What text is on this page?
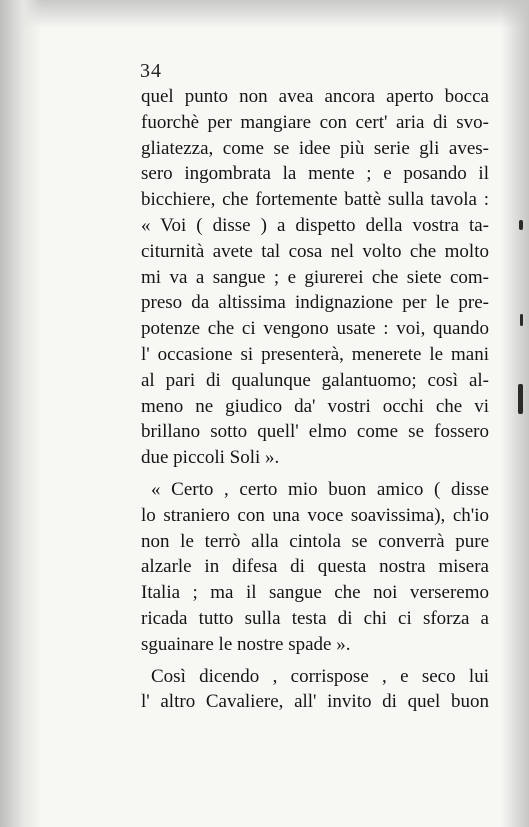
34
quel punto non avea ancora aperto bocca
fuorchè per mangiare con cert' aria di svo-
gliatezza, come se idee più serie gli aves-
sero ingombrata la mente ; e posando il
bicchiere, che fortemente battè sulla tavola :
« Voi ( disse ) a dispetto della vostra ta-
citurnità avete tal cosa nel volto che molto
mi va a sangue ; e giurerei che siete com-
preso da altissima indignazione per le pre-
potenze che ci vengono usate : voi, quando
l' occasione si presenterà, menerete le mani
al pari di qualunque galantuomo; così al-
meno ne giudico da' vostri occhi che vi
brillano sotto quell' elmo come se fossero
due piccoli Soli ».
« Certo , certo mio buon amico ( disse
lo straniero con una voce soavissima), ch'io
non le terrò alla cintola se converrà pure
alzarle in difesa di questa nostra misera
Italia ; ma il sangue che noi verseremo
ricada tutto sulla testa di chi ci sforza a
sguainare le nostre spade ».
Così dicendo , corrispose , e seco lui
l' altro Cavaliere, all' invito di quel buon
